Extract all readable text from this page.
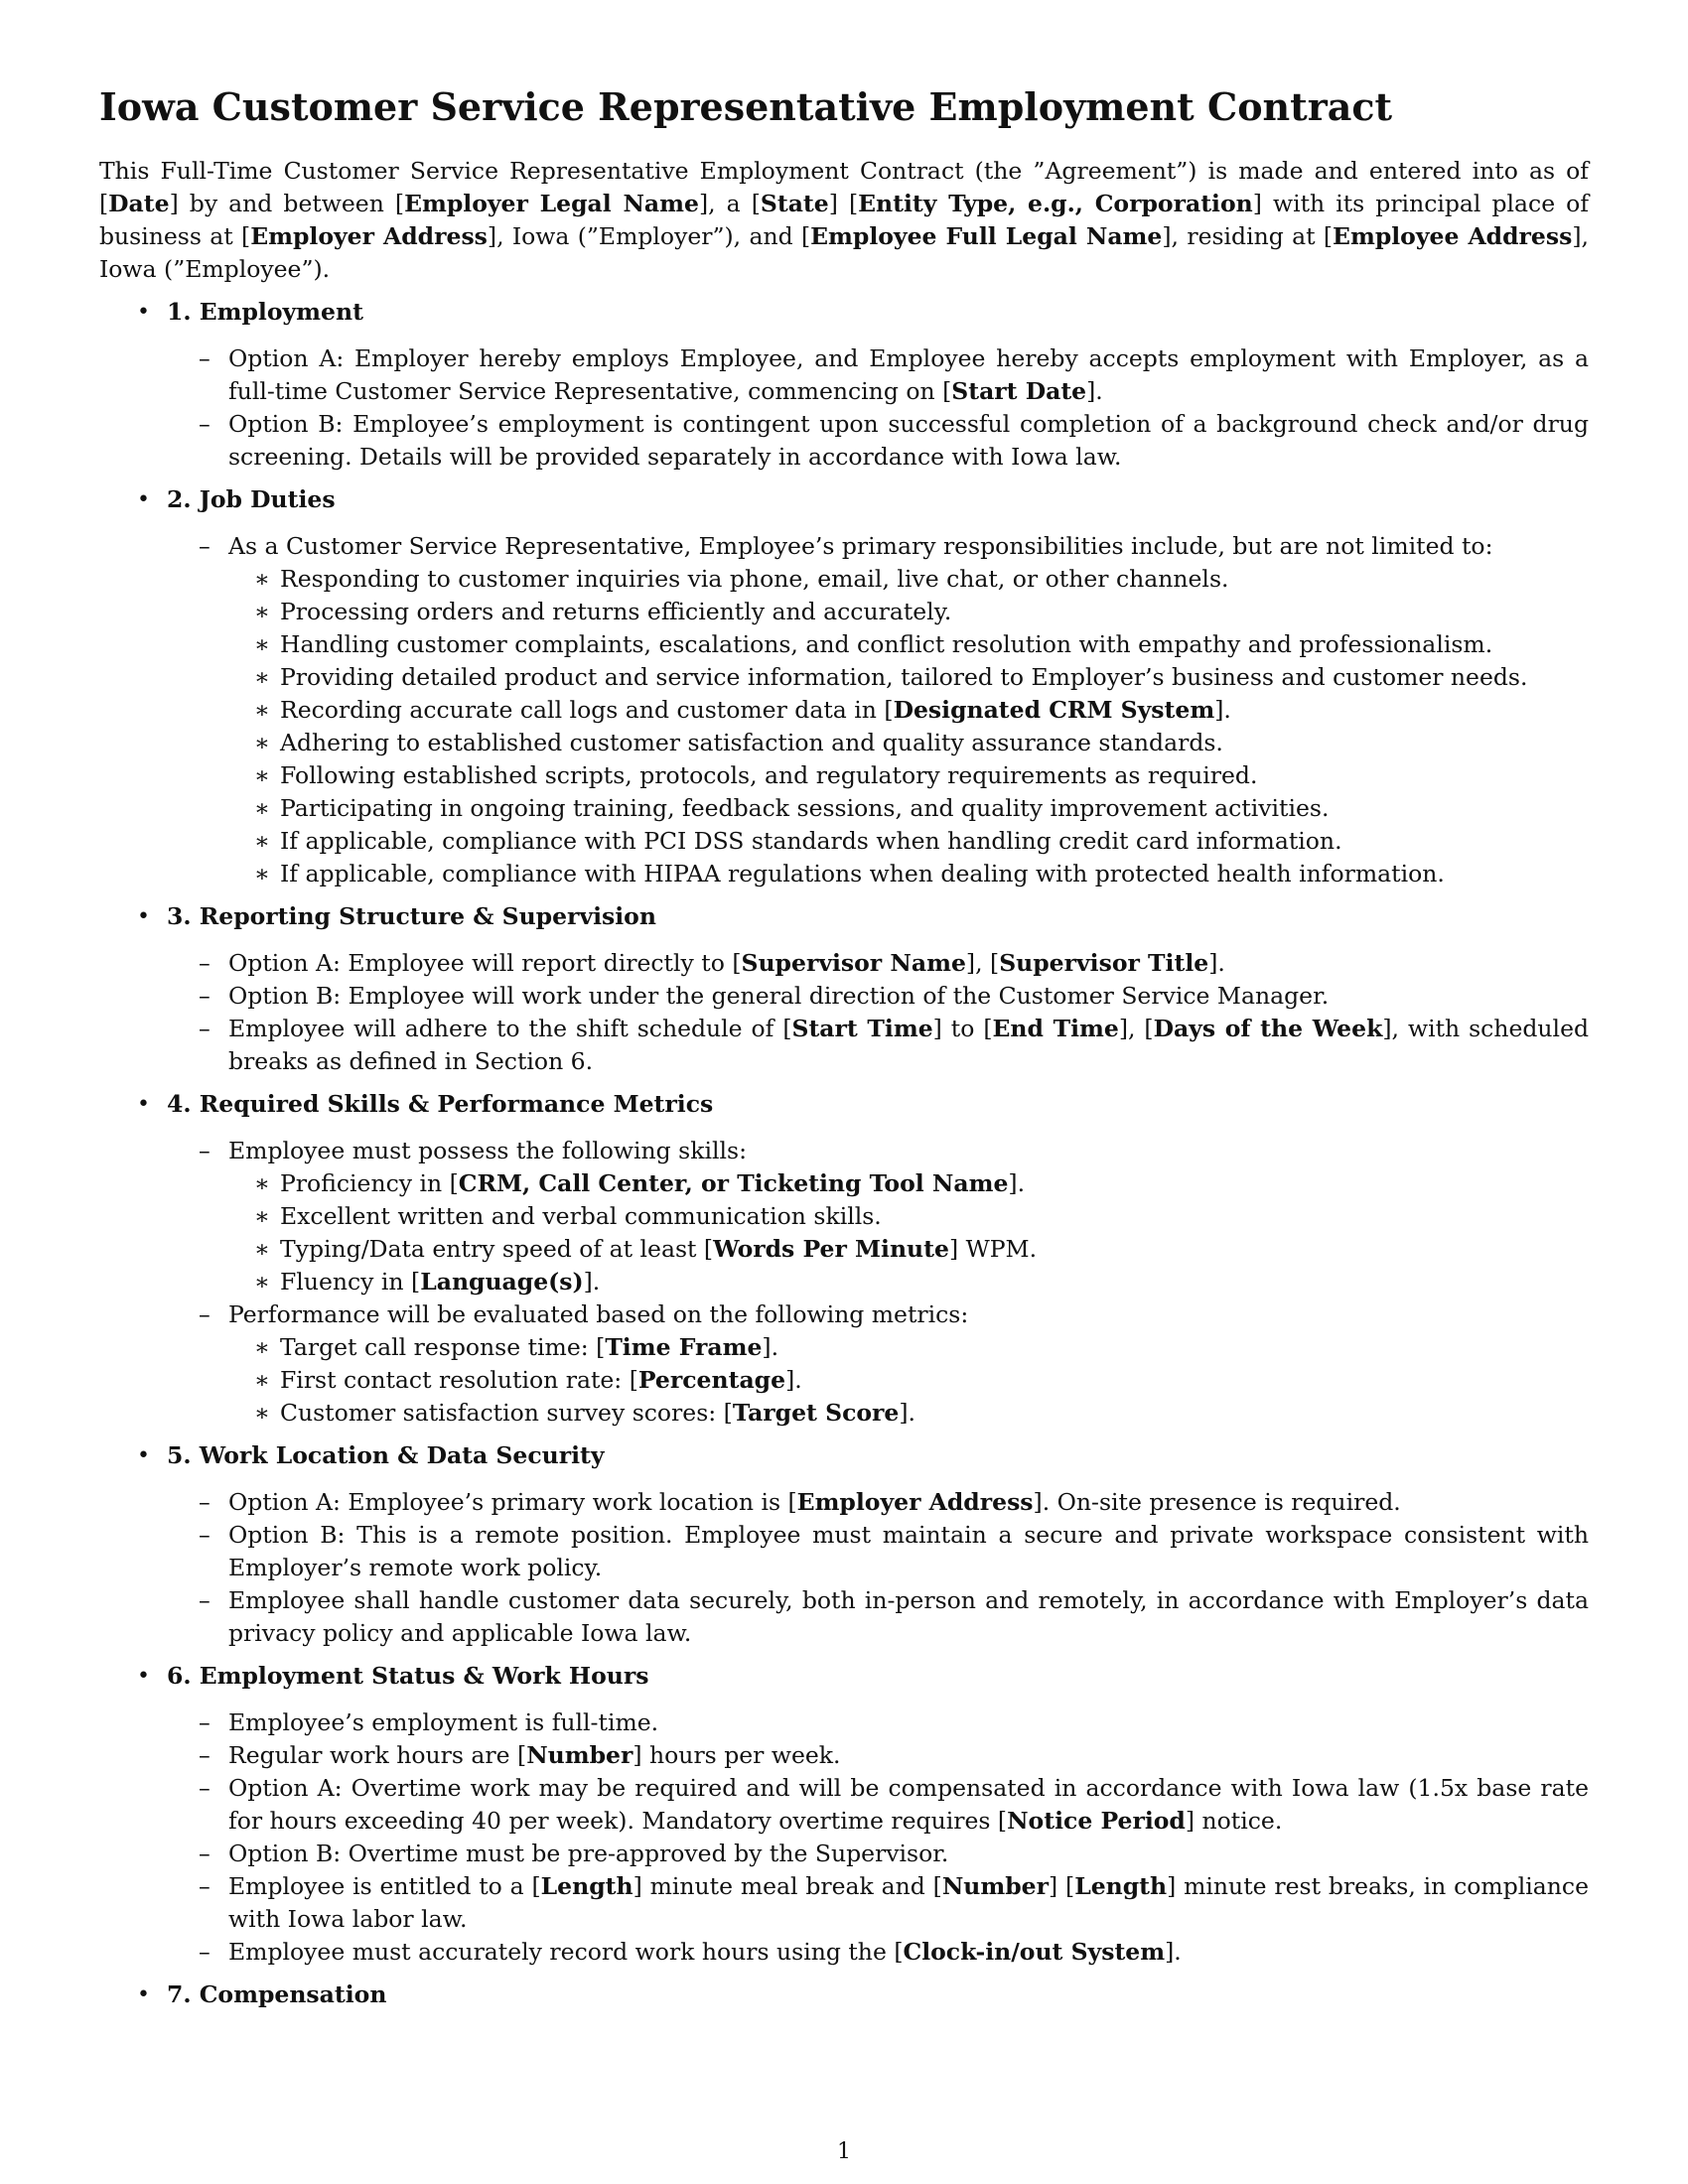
Iowa Customer Service Representative Employment Contract

This Full-Time Customer Service Representative Employment Contract (the ”Agreement”) is made and entered into as of [Date] by and between [Employer Legal Name], a [State] [Entity Type, e.g., Corporation] with its principal place of business at [Employer Address], Iowa (”Employer”), and [Employee Full Legal Name], residing at [Employee Address], Iowa (”Employee”).

• 1. Employment
– Option A: Employer hereby employs Employee, and Employee hereby accepts employment with Employer, as a full-time Customer Service Representative, commencing on [Start Date].
– Option B: Employee’s employment is contingent upon successful completion of a background check and/or drug screening. Details will be provided separately in accordance with Iowa law.
• 2. Job Duties
– As a Customer Service Representative, Employee’s primary responsibilities include, but are not limited to:
∗ Responding to customer inquiries via phone, email, live chat, or other channels.
∗ Processing orders and returns efficiently and accurately.
∗ Handling customer complaints, escalations, and conflict resolution with empathy and professionalism.
∗ Providing detailed product and service information, tailored to Employer’s business and customer needs.
∗ Recording accurate call logs and customer data in [Designated CRM System].
∗ Adhering to established customer satisfaction and quality assurance standards.
∗ Following established scripts, protocols, and regulatory requirements as required.
∗ Participating in ongoing training, feedback sessions, and quality improvement activities.
∗ If applicable, compliance with PCI DSS standards when handling credit card information.
∗ If applicable, compliance with HIPAA regulations when dealing with protected health information.
• 3. Reporting Structure & Supervision
– Option A: Employee will report directly to [Supervisor Name], [Supervisor Title].
– Option B: Employee will work under the general direction of the Customer Service Manager.
– Employee will adhere to the shift schedule of [Start Time] to [End Time], [Days of the Week], with scheduled breaks as defined in Section 6.
• 4. Required Skills & Performance Metrics
– Employee must possess the following skills:
∗ Proficiency in [CRM, Call Center, or Ticketing Tool Name].
∗ Excellent written and verbal communication skills.
∗ Typing/Data entry speed of at least [Words Per Minute] WPM.
∗ Fluency in [Language(s)].
– Performance will be evaluated based on the following metrics:
∗ Target call response time: [Time Frame].
∗ First contact resolution rate: [Percentage].
∗ Customer satisfaction survey scores: [Target Score].
• 5. Work Location & Data Security
– Option A: Employee’s primary work location is [Employer Address]. On-site presence is required.
– Option B: This is a remote position. Employee must maintain a secure and private workspace consistent with Employer’s remote work policy.
– Employee shall handle customer data securely, both in-person and remotely, in accordance with Employer’s data privacy policy and applicable Iowa law.
• 6. Employment Status & Work Hours
– Employee’s employment is full-time.
– Regular work hours are [Number] hours per week.
– Option A: Overtime work may be required and will be compensated in accordance with Iowa law (1.5x base rate for hours exceeding 40 per week). Mandatory overtime requires [Notice Period] notice.
– Option B: Overtime must be pre-approved by the Supervisor.
– Employee is entitled to a [Length] minute meal break and [Number] [Length] minute rest breaks, in compliance with Iowa labor law.
– Employee must accurately record work hours using the [Clock-in/out System].
• 7. Compensation
1
